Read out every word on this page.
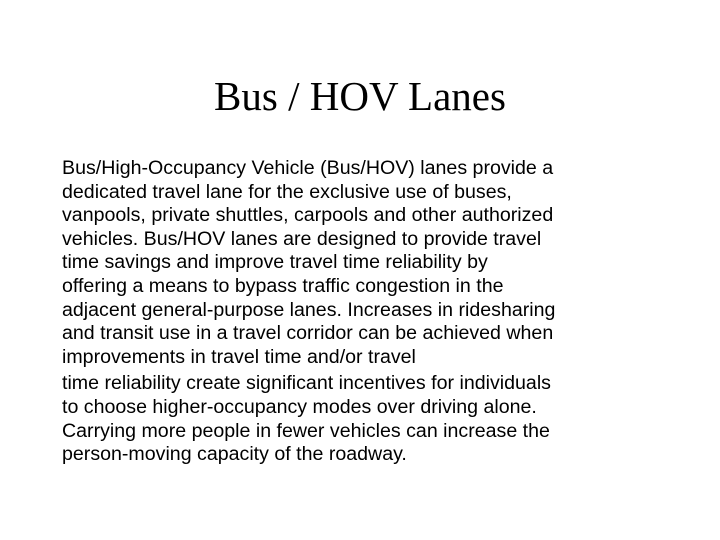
Bus / HOV Lanes

Bus/High-Occupancy Vehicle (Bus/HOV) lanes provide a
dedicated travel lane for the exclusive use of buses,
vanpools, private shuttles, carpools and other authorized
vehicles. Bus/HOV lanes are designed to provide travel
time savings and improve travel time reliability by
offering a means to bypass traffic congestion in the
adjacent general-purpose lanes. Increases in ridesharing
and transit use in a travel corridor can be achieved when
improvements in travel time and/or travel

time reliability create significant incentives for individuals
to choose higher-occupancy modes over driving alone.
Carrying more people in fewer vehicles can increase the
person-moving capacity of the roadway.
